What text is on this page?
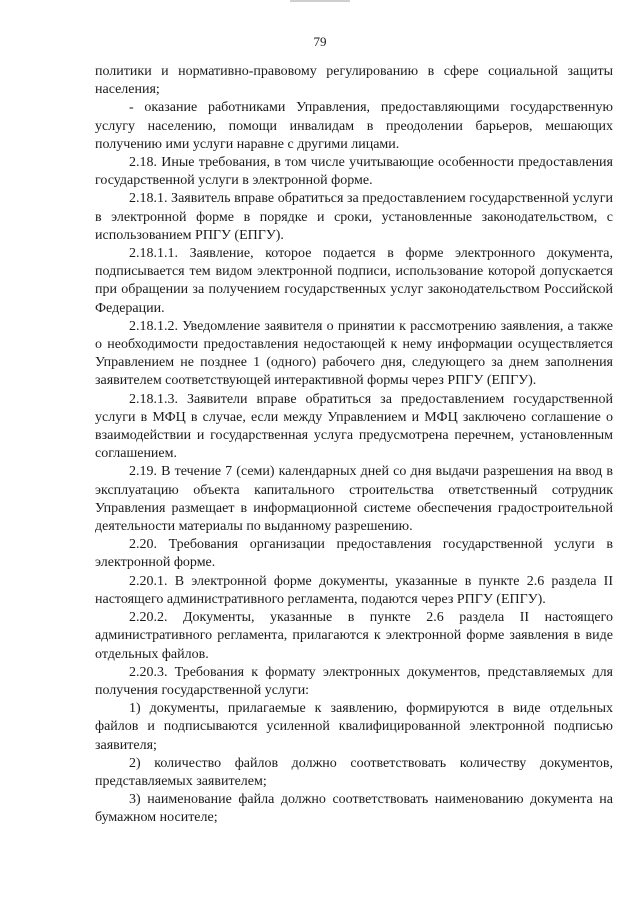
79

политики и нормативно-правовому регулированию в сфере социальной защиты населения;

- оказание работниками Управления, предоставляющими государственную услугу населению, помощи инвалидам в преодолении барьеров, мешающих получению ими услуги наравне с другими лицами.

2.18. Иные требования, в том числе учитывающие особенности предоставления государственной услуги в электронной форме.

2.18.1. Заявитель вправе обратиться за предоставлением государственной услуги в электронной форме в порядке и сроки, установленные законодательством, с использованием РПГУ (ЕПГУ).

2.18.1.1. Заявление, которое подается в форме электронного документа, подписывается тем видом электронной подписи, использование которой допускается при обращении за получением государственных услуг законодательством Российской Федерации.

2.18.1.2. Уведомление заявителя о принятии к рассмотрению заявления, а также о необходимости предоставления недостающей к нему информации осуществляется Управлением не позднее 1 (одного) рабочего дня, следующего за днем заполнения заявителем соответствующей интерактивной формы через РПГУ (ЕПГУ).

2.18.1.3. Заявители вправе обратиться за предоставлением государственной услуги в МФЦ в случае, если между Управлением и МФЦ заключено соглашение о взаимодействии и государственная услуга предусмотрена перечнем, установленным соглашением.

2.19. В течение 7 (семи) календарных дней со дня выдачи разрешения на ввод в эксплуатацию объекта капитального строительства ответственный сотрудник Управления размещает в информационной системе обеспечения градостроительной деятельности материалы по выданному разрешению.

2.20. Требования организации предоставления государственной услуги в электронной форме.

2.20.1. В электронной форме документы, указанные в пункте 2.6 раздела II настоящего административного регламента, подаются через РПГУ (ЕПГУ).

2.20.2. Документы, указанные в пункте 2.6 раздела II настоящего административного регламента, прилагаются к электронной форме заявления в виде отдельных файлов.

2.20.3. Требования к формату электронных документов, представляемых для получения государственной услуги:

1) документы, прилагаемые к заявлению, формируются в виде отдельных файлов и подписываются усиленной квалифицированной электронной подписью заявителя;

2) количество файлов должно соответствовать количеству документов, представляемых заявителем;

3) наименование файла должно соответствовать наименованию документа на бумажном носителе;
